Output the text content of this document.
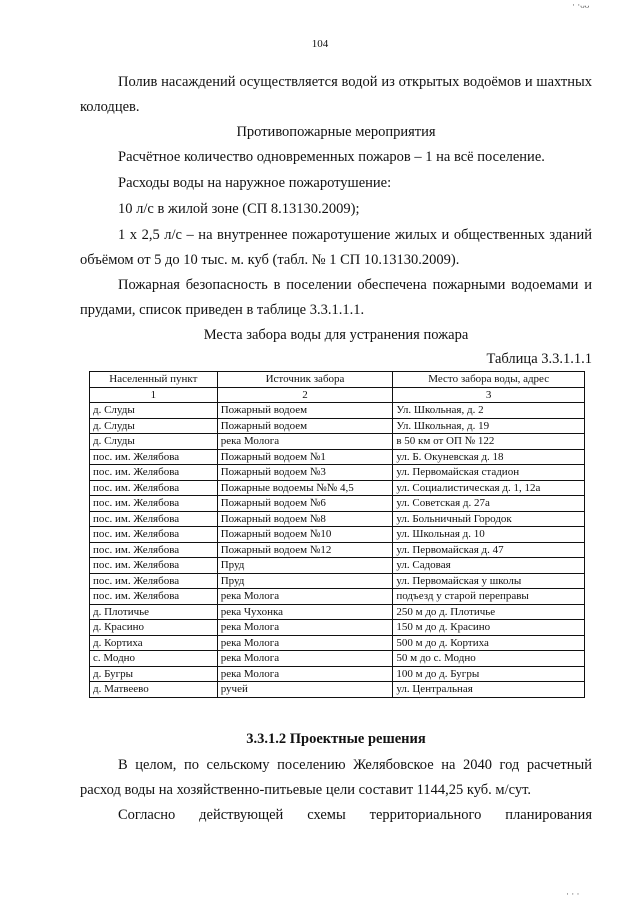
· ·ᴗᴗ
104

Полив насаждений осуществляется водой из открытых водоёмов и шахтных

колодцев.

Противопожарные мероприятия

Расчётное количество одновременных пожаров – 1 на всё поселение.

Расходы воды на наружное пожаротушение:

10 л/с в жилой зоне (СП 8.13130.2009);

1 х 2,5 л/с – на внутреннее пожаротушение жилых и общественных зданий

объёмом от 5 до 10 тыс. м. куб (табл. № 1 СП 10.13130.2009).

Пожарная безопасность в поселении обеспечена пожарными водоемами и

прудами, список приведен в таблице 3.3.1.1.1.

Места забора воды для устранения пожара

Таблица 3.3.1.1.1

Населенный пункт	Источник забора	Место забора воды, адрес
1	2	3
д. Слуды	Пожарный водоем	Ул. Школьная, д. 2
д. Слуды	Пожарный водоем	Ул. Школьная, д. 19
д. Слуды	река Молога	в 50 км от ОП № 122
пос. им. Желябова	Пожарный водоем №1	ул. Б. Окуневская д. 18
пос. им. Желябова	Пожарный водоем №3	ул. Первомайская стадион
пос. им. Желябова	Пожарные водоемы №№ 4,5	ул. Социалистическая д. 1, 12а
пос. им. Желябова	Пожарный водоем №6	ул. Советская д. 27а
пос. им. Желябова	Пожарный водоем №8	ул. Больничный Городок
пос. им. Желябова	Пожарный водоем №10	ул. Школьная д. 10
пос. им. Желябова	Пожарный водоем №12	ул. Первомайская д. 47
пос. им. Желябова	Пруд	ул. Садовая
пос. им. Желябова	Пруд	ул. Первомайская у школы
пос. им. Желябова	река Молога	подъезд у старой переправы
д. Плотичье	река Чухонка	250 м до д. Плотичье
д. Красино	река Молога	150 м до д. Красино
д. Кортиха	река Молога	500 м до д. Кортиха
с. Модно	река Молога	50 м до с. Модно
д. Бугры	река Молога	100 м до д. Бугры
д. Матвеево	ручей	ул. Центральная

3.3.1.2 Проектные решения

В целом, по сельскому поселению Желябовское на 2040 год расчетный

расход воды на хозяйственно-питьевые цели составит 1144,25 куб. м/сут.

Согласно действующей схемы территориального планирования

· · ·
